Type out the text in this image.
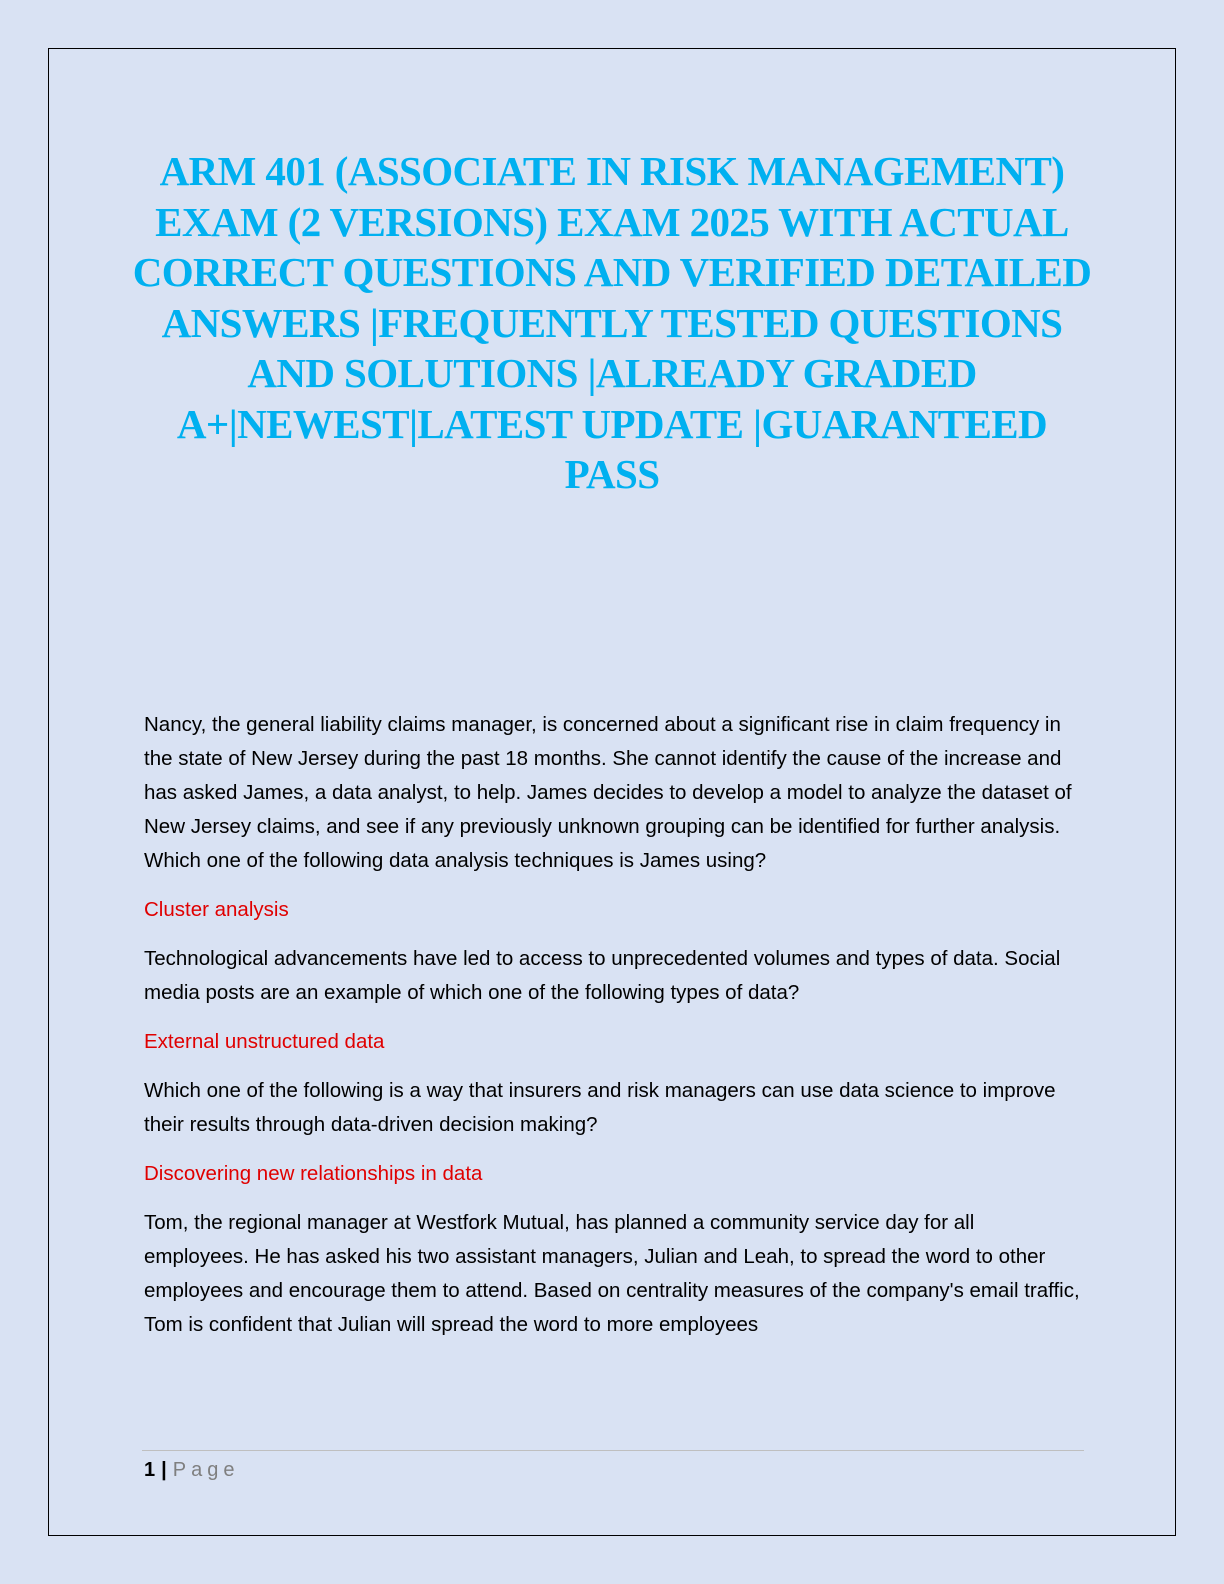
ARM 401 (ASSOCIATE IN RISK MANAGEMENT) EXAM (2 VERSIONS) EXAM 2025 WITH ACTUAL CORRECT QUESTIONS AND VERIFIED DETAILED ANSWERS |FREQUENTLY TESTED QUESTIONS AND SOLUTIONS |ALREADY GRADED A+|NEWEST|LATEST UPDATE |GUARANTEED PASS

Nancy, the general liability claims manager, is concerned about a significant rise in claim frequency in the state of New Jersey during the past 18 months. She cannot identify the cause of the increase and has asked James, a data analyst, to help. James decides to develop a model to analyze the dataset of New Jersey claims, and see if any previously unknown grouping can be identified for further analysis. Which one of the following data analysis techniques is James using?

Cluster analysis

Technological advancements have led to access to unprecedented volumes and types of data. Social media posts are an example of which one of the following types of data?

External unstructured data

Which one of the following is a way that insurers and risk managers can use data science to improve their results through data-driven decision making?

Discovering new relationships in data

Tom, the regional manager at Westfork Mutual, has planned a community service day for all employees. He has asked his two assistant managers, Julian and Leah, to spread the word to other employees and encourage them to attend. Based on centrality measures of the company's email traffic, Tom is confident that Julian will spread the word to more employees

1 | Page
